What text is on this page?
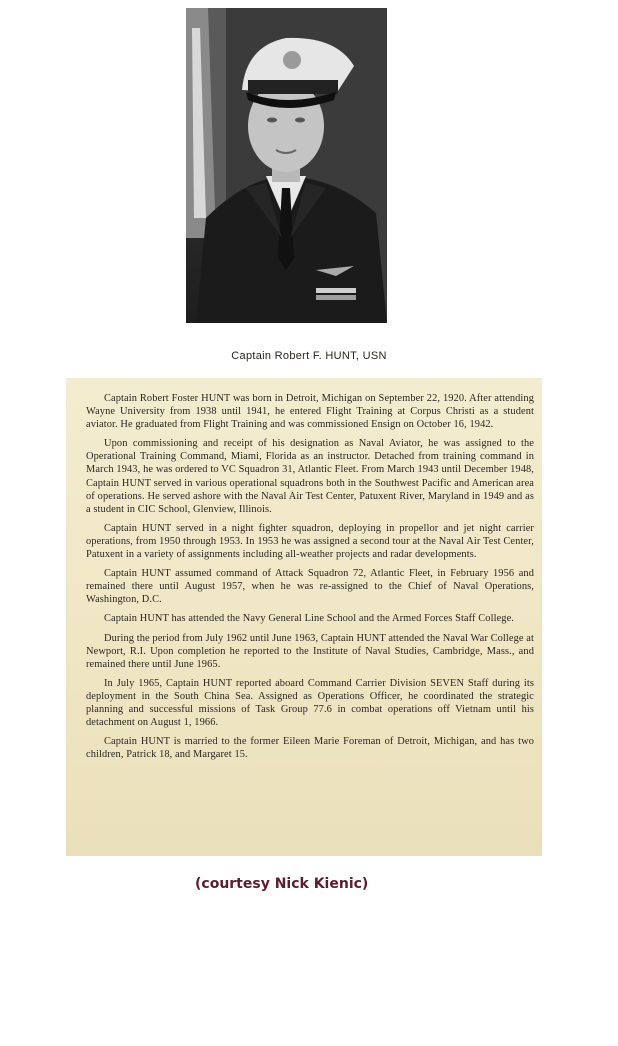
Captain Robert F. HUNT, USN

Captain Robert Foster HUNT was born in Detroit, Michigan on September 22, 1920. After attending Wayne University from 1938 until 1941, he entered Flight Training at Corpus Christi as a student aviator. He graduated from Flight Training and was commissioned Ensign on October 16, 1942.

Upon commissioning and receipt of his designation as Naval Aviator, he was assigned to the Operational Training Command, Miami, Florida as an instructor. Detached from training command in March 1943, he was ordered to VC Squadron 31, Atlantic Fleet. From March 1943 until December 1948, Captain HUNT served in various operational squadrons both in the Southwest Pacific and American area of operations. He served ashore with the Naval Air Test Center, Patuxent River, Maryland in 1949 and as a student in CIC School, Glenview, Illinois.

Captain HUNT served in a night fighter squadron, deploying in propellor and jet night carrier operations, from 1950 through 1953. In 1953 he was assigned a second tour at the Naval Air Test Center, Patuxent in a variety of assignments including all-weather projects and radar developments.

Captain HUNT assumed command of Attack Squadron 72, Atlantic Fleet, in February 1956 and remained there until August 1957, when he was re-assigned to the Chief of Naval Operations, Washington, D.C.

Captain HUNT has attended the Navy General Line School and the Armed Forces Staff College.

During the period from July 1962 until June 1963, Captain HUNT attended the Naval War College at Newport, R.I. Upon completion he reported to the Institute of Naval Studies, Cambridge, Mass., and remained there until June 1965.

In July 1965, Captain HUNT reported aboard Command Carrier Division SEVEN Staff during its deployment in the South China Sea. Assigned as Operations Officer, he coordinated the strategic planning and successful missions of Task Group 77.6 in combat operations off Vietnam until his detachment on August 1, 1966.

Captain HUNT is married to the former Eileen Marie Foreman of Detroit, Michigan, and has two children, Patrick 18, and Margaret 15.

(courtesy Nick Kienic)
